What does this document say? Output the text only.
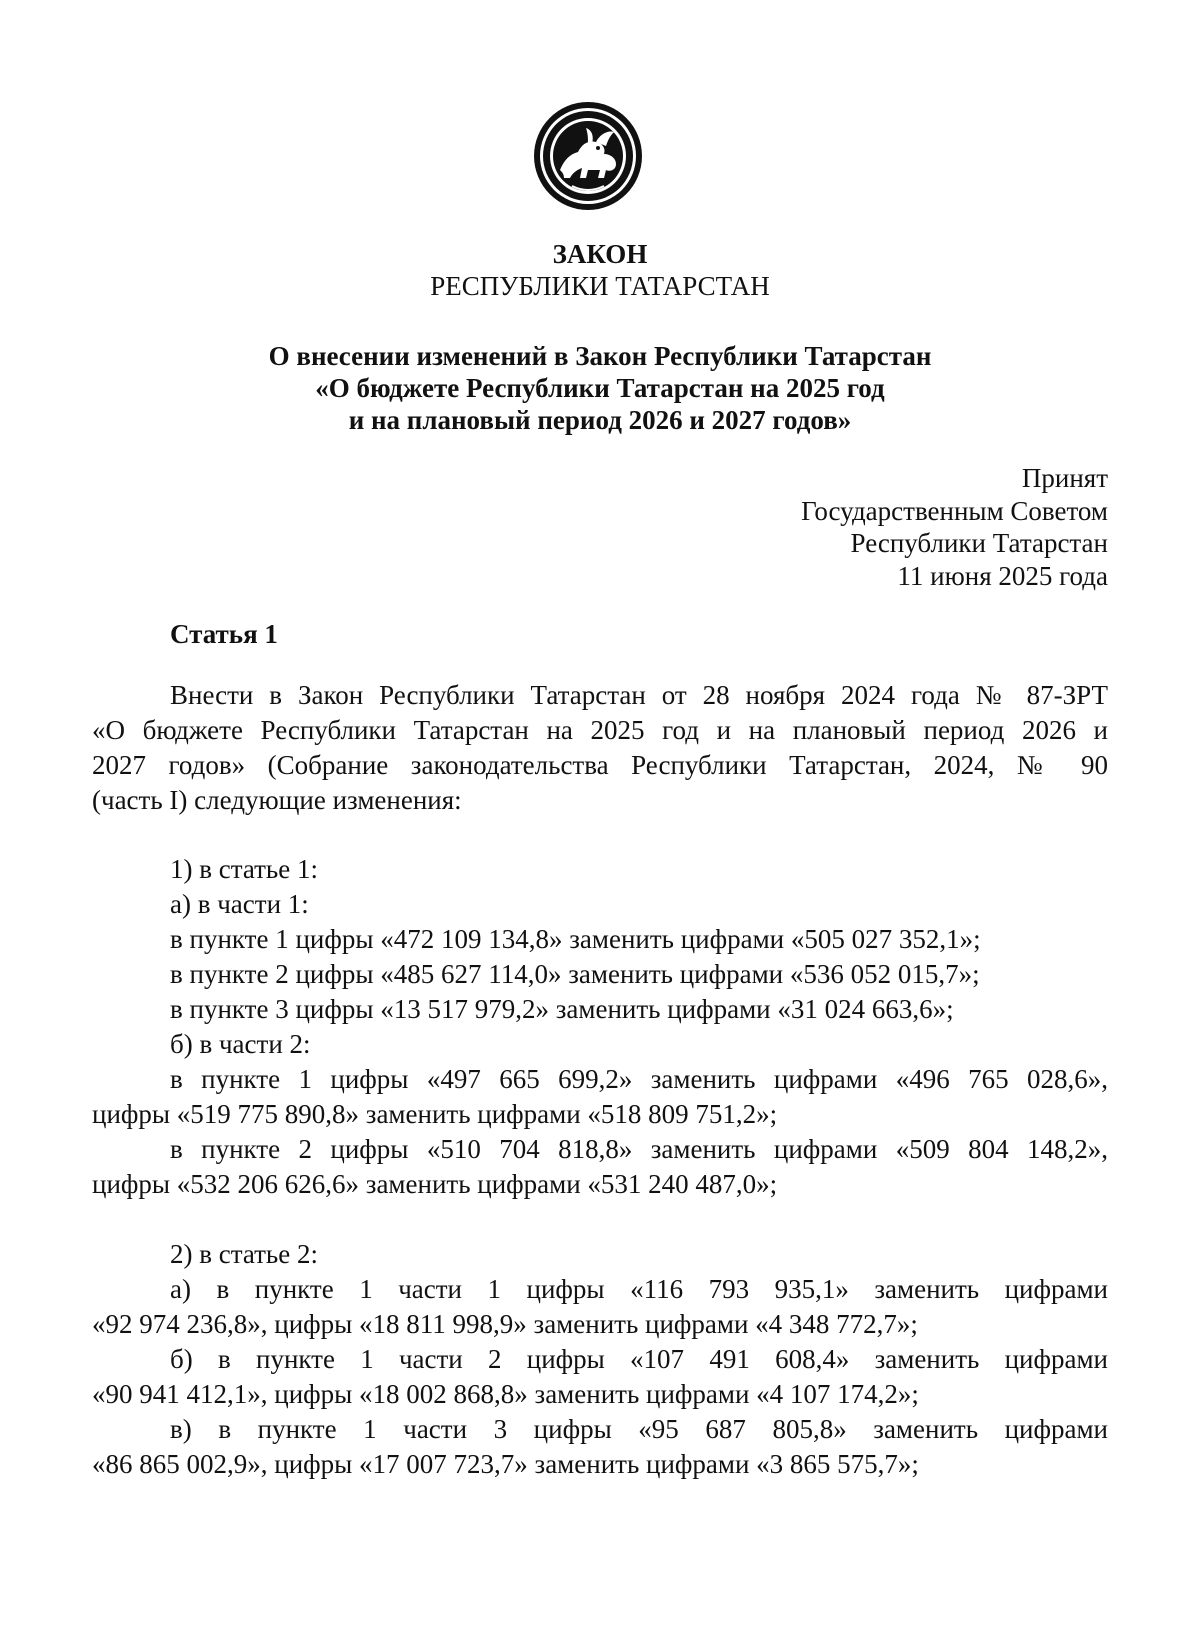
ЗАКОН
РЕСПУБЛИКИ ТАТАРСТАН
О внесении изменений в Закон Республики Татарстан
«О бюджете Республики Татарстан на 2025 год
и на плановый период 2026 и 2027 годов»
Принят
Государственным Советом
Республики Татарстан
11 июня 2025 года
Статья 1
Внести в Закон Республики Татарстан от 28 ноября 2024 года № 87-ЗРТ
«О бюджете Республики Татарстан на 2025 год и на плановый период 2026 и
2027 годов» (Собрание законодательства Республики Татарстан, 2024, № 90
(часть I) следующие изменения:
1) в статье 1:
а) в части 1:
в пункте 1 цифры «472 109 134,8» заменить цифрами «505 027 352,1»;
в пункте 2 цифры «485 627 114,0» заменить цифрами «536 052 015,7»;
в пункте 3 цифры «13 517 979,2» заменить цифрами «31 024 663,6»;
б) в части 2:
в пункте 1 цифры «497 665 699,2» заменить цифрами «496 765 028,6»,
цифры «519 775 890,8» заменить цифрами «518 809 751,2»;
в пункте 2 цифры «510 704 818,8» заменить цифрами «509 804 148,2»,
цифры «532 206 626,6» заменить цифрами «531 240 487,0»;
2) в статье 2:
а) в пункте 1 части 1 цифры «116 793 935,1» заменить цифрами
«92 974 236,8», цифры «18 811 998,9» заменить цифрами «4 348 772,7»;
б) в пункте 1 части 2 цифры «107 491 608,4» заменить цифрами
«90 941 412,1», цифры «18 002 868,8» заменить цифрами «4 107 174,2»;
в) в пункте 1 части 3 цифры «95 687 805,8» заменить цифрами
«86 865 002,9», цифры «17 007 723,7» заменить цифрами «3 865 575,7»;
